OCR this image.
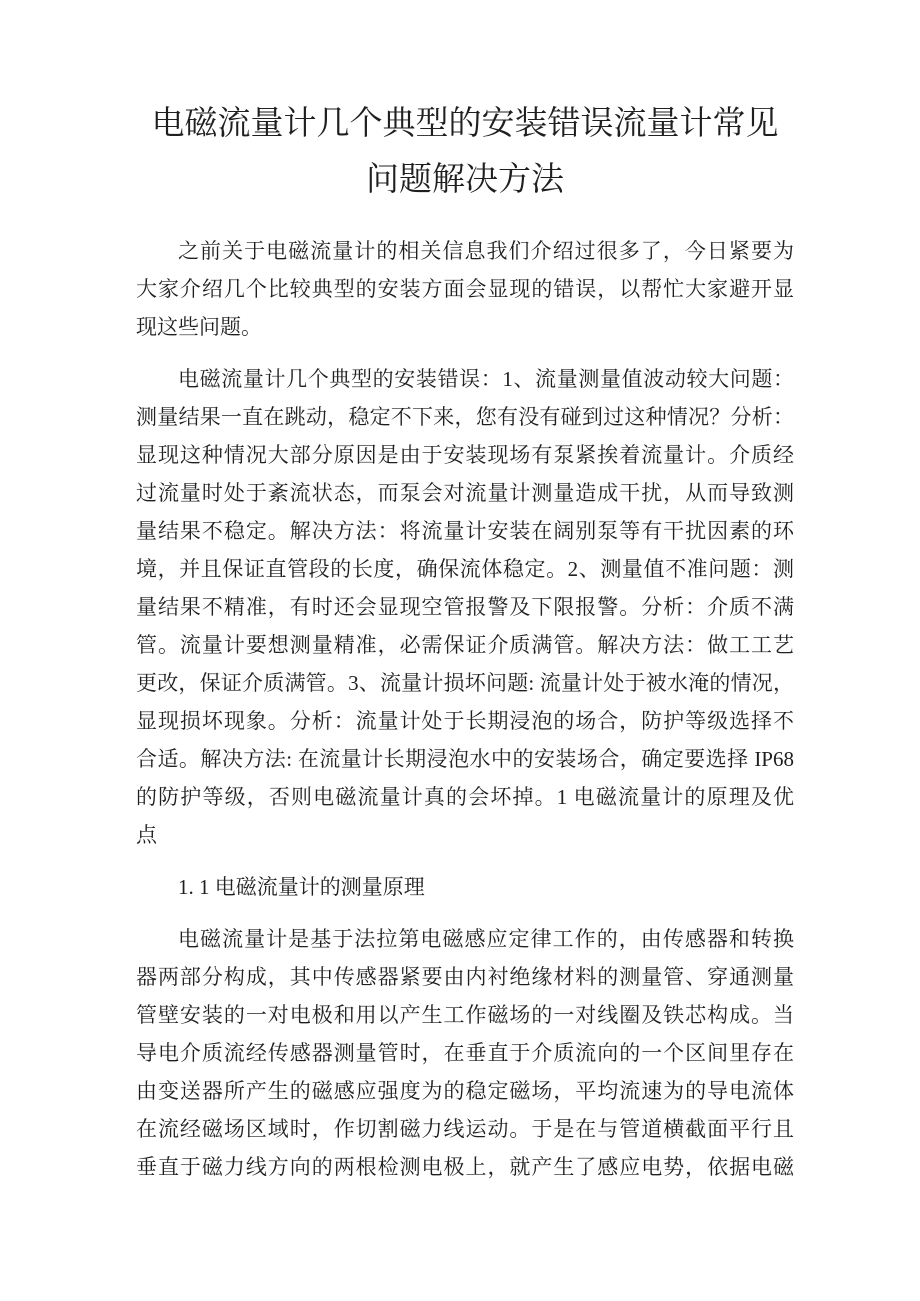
电磁流量计几个典型的安装错误流量计常见
问题解决方法
之前关于电磁流量计的相关信息我们介绍过很多了，今日紧要为
大家介绍几个比较典型的安装方面会显现的错误，以帮忙大家避开显
现这些问题。
电磁流量计几个典型的安装错误：1、流量测量值波动较大问题：
测量结果一直在跳动，稳定不下来，您有没有碰到过这种情况？分析：
显现这种情况大部分原因是由于安装现场有泵紧挨着流量计。介质经
过流量时处于紊流状态，而泵会对流量计测量造成干扰，从而导致测
量结果不稳定。解决方法：将流量计安装在阔别泵等有干扰因素的环
境，并且保证直管段的长度，确保流体稳定。2、测量值不准问题：测
量结果不精准，有时还会显现空管报警及下限报警。分析：介质不满
管。流量计要想测量精准，必需保证介质满管。解决方法：做工工艺
更改，保证介质满管。3、流量计损坏问题: 流量计处于被水淹的情况，
显现损坏现象。分析：流量计处于长期浸泡的场合，防护等级选择不
合适。解决方法: 在流量计长期浸泡水中的安装场合，确定要选择 IP68
的防护等级，否则电磁流量计真的会坏掉。1 电磁流量计的原理及优
点
1. 1 电磁流量计的测量原理
电磁流量计是基于法拉第电磁感应定律工作的，由传感器和转换
器两部分构成，其中传感器紧要由内衬绝缘材料的测量管、穿通测量
管壁安装的一对电极和用以产生工作磁场的一对线圈及铁芯构成。当
导电介质流经传感器测量管时，在垂直于介质流向的一个区间里存在
由变送器所产生的磁感应强度为的稳定磁场，平均流速为的导电流体
在流经磁场区域时，作切割磁力线运动。于是在与管道横截面平行且
垂直于磁力线方向的两根检测电极上，就产生了感应电势，依据电磁
